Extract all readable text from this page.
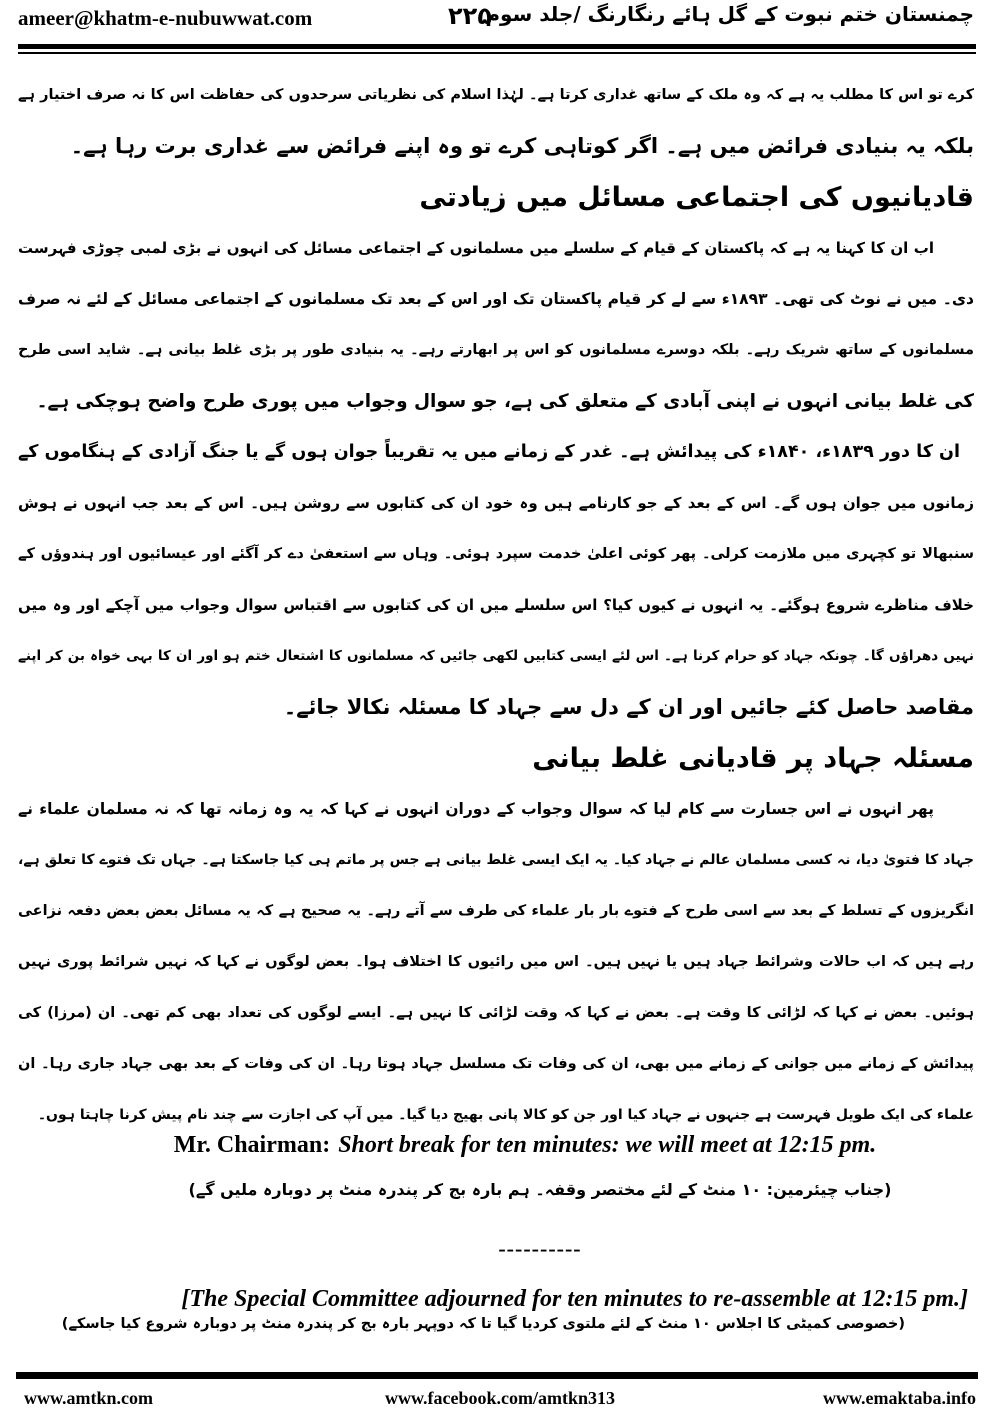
ameer@khatm-e-nubuwwat.com	۲۲۵
چمنستان ختم نبوت کے گل ہائے رنگارنگ /جلد سوم
کرے تو اس کا مطلب یہ ہے کہ وہ ملک کے ساتھ غداری کرتا ہے۔ لہٰذا اسلام کی نظریاتی سرحدوں کی حفاظت اس کا نہ صرف اختیار ہے
بلکہ یہ بنیادی فرائض میں ہے۔ اگر کوتاہی کرے تو وہ اپنے فرائض سے غداری برت رہا ہے۔
قادیانیوں کی اجتماعی مسائل میں زیادتی
اب ان کا کہنا یہ ہے کہ پاکستان کے قیام کے سلسلے میں مسلمانوں کے اجتماعی مسائل کی انہوں نے بڑی لمبی چوڑی فہرست
دی۔ میں نے نوٹ کی تھی۔ ۱۸۹۳ء سے لے کر قیام پاکستان تک اور اس کے بعد تک مسلمانوں کے اجتماعی مسائل کے لئے نہ صرف
مسلمانوں کے ساتھ شریک رہے۔ بلکہ دوسرے مسلمانوں کو اس پر ابھارتے رہے۔ یہ بنیادی طور پر بڑی غلط بیانی ہے۔ شاید اسی طرح
کی غلط بیانی انہوں نے اپنی آبادی کے متعلق کی ہے، جو سوال وجواب میں پوری طرح واضح ہوچکی ہے۔
ان کا دور ۱۸۳۹ء، ۱۸۴۰ء کی پیدائش ہے۔ غدر کے زمانے میں یہ تقریباً جوان ہوں گے یا جنگ آزادی کے ہنگاموں کے
زمانوں میں جوان ہوں گے۔ اس کے بعد کے جو کارنامے ہیں وہ خود ان کی کتابوں سے روشن ہیں۔ اس کے بعد جب انہوں نے ہوش
سنبھالا تو کچہری میں ملازمت کرلی۔ پھر کوئی اعلیٰ خدمت سپرد ہوئی۔ وہاں سے استعفیٰ دے کر آگئے اور عیسائیوں اور ہندوؤں کے
خلاف مناظرے شروع ہوگئے۔ یہ انہوں نے کیوں کیا؟ اس سلسلے میں ان کی کتابوں سے اقتباس سوال وجواب میں آچکے اور وہ میں
نہیں دھراؤں گا۔ چونکہ جہاد کو حرام کرنا ہے۔ اس لئے ایسی کتابیں لکھی جائیں کہ مسلمانوں کا اشتعال ختم ہو اور ان کا بہی خواہ بن کر اپنے
مقاصد حاصل کئے جائیں اور ان کے دل سے جہاد کا مسئلہ نکالا جائے۔
مسئلہ جہاد پر قادیانی غلط بیانی
پھر انہوں نے اس جسارت سے کام لیا کہ سوال وجواب کے دوران انہوں نے کہا کہ یہ وہ زمانہ تھا کہ نہ مسلمان علماء نے
جہاد کا فتویٰ دیا، نہ کسی مسلمان عالم نے جہاد کیا۔ یہ ایک ایسی غلط بیانی ہے جس پر ماتم ہی کیا جاسکتا ہے۔ جہاں تک فتوے کا تعلق ہے،
انگریزوں کے تسلط کے بعد سے اسی طرح کے فتوے بار بار علماء کی طرف سے آتے رہے۔ یہ صحیح ہے کہ یہ مسائل بعض بعض دفعہ نزاعی
رہے ہیں کہ اب حالات وشرائط جہاد ہیں یا نہیں ہیں۔ اس میں رائیوں کا اختلاف ہوا۔ بعض لوگوں نے کہا کہ نہیں شرائط پوری نہیں
ہوئیں۔ بعض نے کہا کہ لڑائی کا وقت ہے۔ بعض نے کہا کہ وقت لڑائی کا نہیں ہے۔ ایسے لوگوں کی تعداد بھی کم تھی۔ ان (مرزا) کی
پیدائش کے زمانے میں جوانی کے زمانے میں بھی، ان کی وفات تک مسلسل جہاد ہوتا رہا۔ ان کی وفات کے بعد بھی جہاد جاری رہا۔ ان
علماء کی ایک طویل فہرست ہے جنہوں نے جہاد کیا اور جن کو کالا پانی بھیج دیا گیا۔ میں آپ کی اجازت سے چند نام پیش کرنا چاہتا ہوں۔
Mr. Chairman: Short break for ten minutes: we will meet at 12:15 pm.
(جناب چیئرمین: ۱۰ منٹ کے لئے مختصر وقفہ۔ ہم بارہ بج کر پندرہ منٹ پر دوبارہ ملیں گے)
----------
[The Special Committee adjourned for ten minutes to re-assemble at 12:15 pm.]
(خصوصی کمیٹی کا اجلاس ۱۰ منٹ کے لئے ملتوی کردیا گیا تا کہ دوپہر بارہ بج کر پندرہ منٹ پر دوبارہ شروع کیا جاسکے)
www.amtkn.com	www.facebook.com/amtkn313	www.emaktaba.info
